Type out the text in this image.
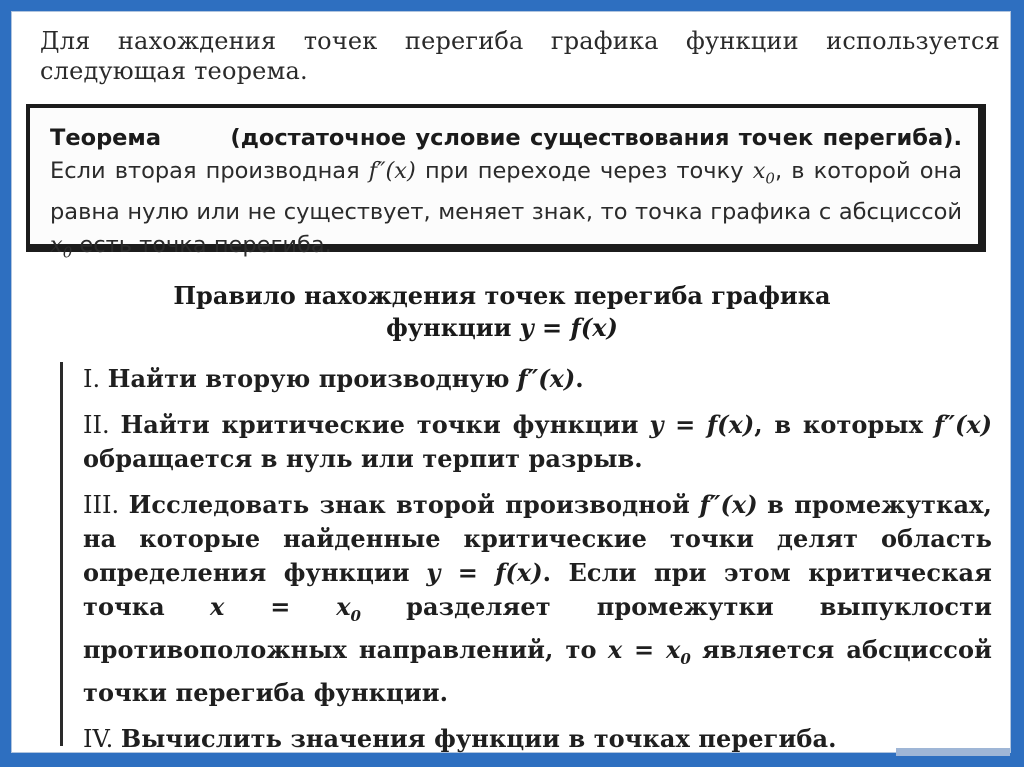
Для нахождения точек перегиба графика функции используется следующая теорема.
Теорема	(достаточное условие существования точек перегиба). Если вторая производная f″(x) при переходе через точку $x_0$, в которой она равна нулю или не существует, меняет знак, то точка графика с абсциссой $x_0$ есть точка перегиба.
Правило нахождения точек перегиба графика
функции y = f(x)
I. Найти вторую производную f″(x).
II. Найти критические точки функции y = f(x), в которых f″(x) обращается в нуль или терпит разрыв.
III. Исследовать знак второй производной f″(x) в промежутках, на которые найденные критические точки делят область определения функции y = f(x). Если при этом критическая точка $x = x_0$ разделяет промежутки выпуклости противоположных направлений, то $x = x_0$ является абсциссой точки перегиба функции.
IV. Вычислить значения функции в точках перегиба.
